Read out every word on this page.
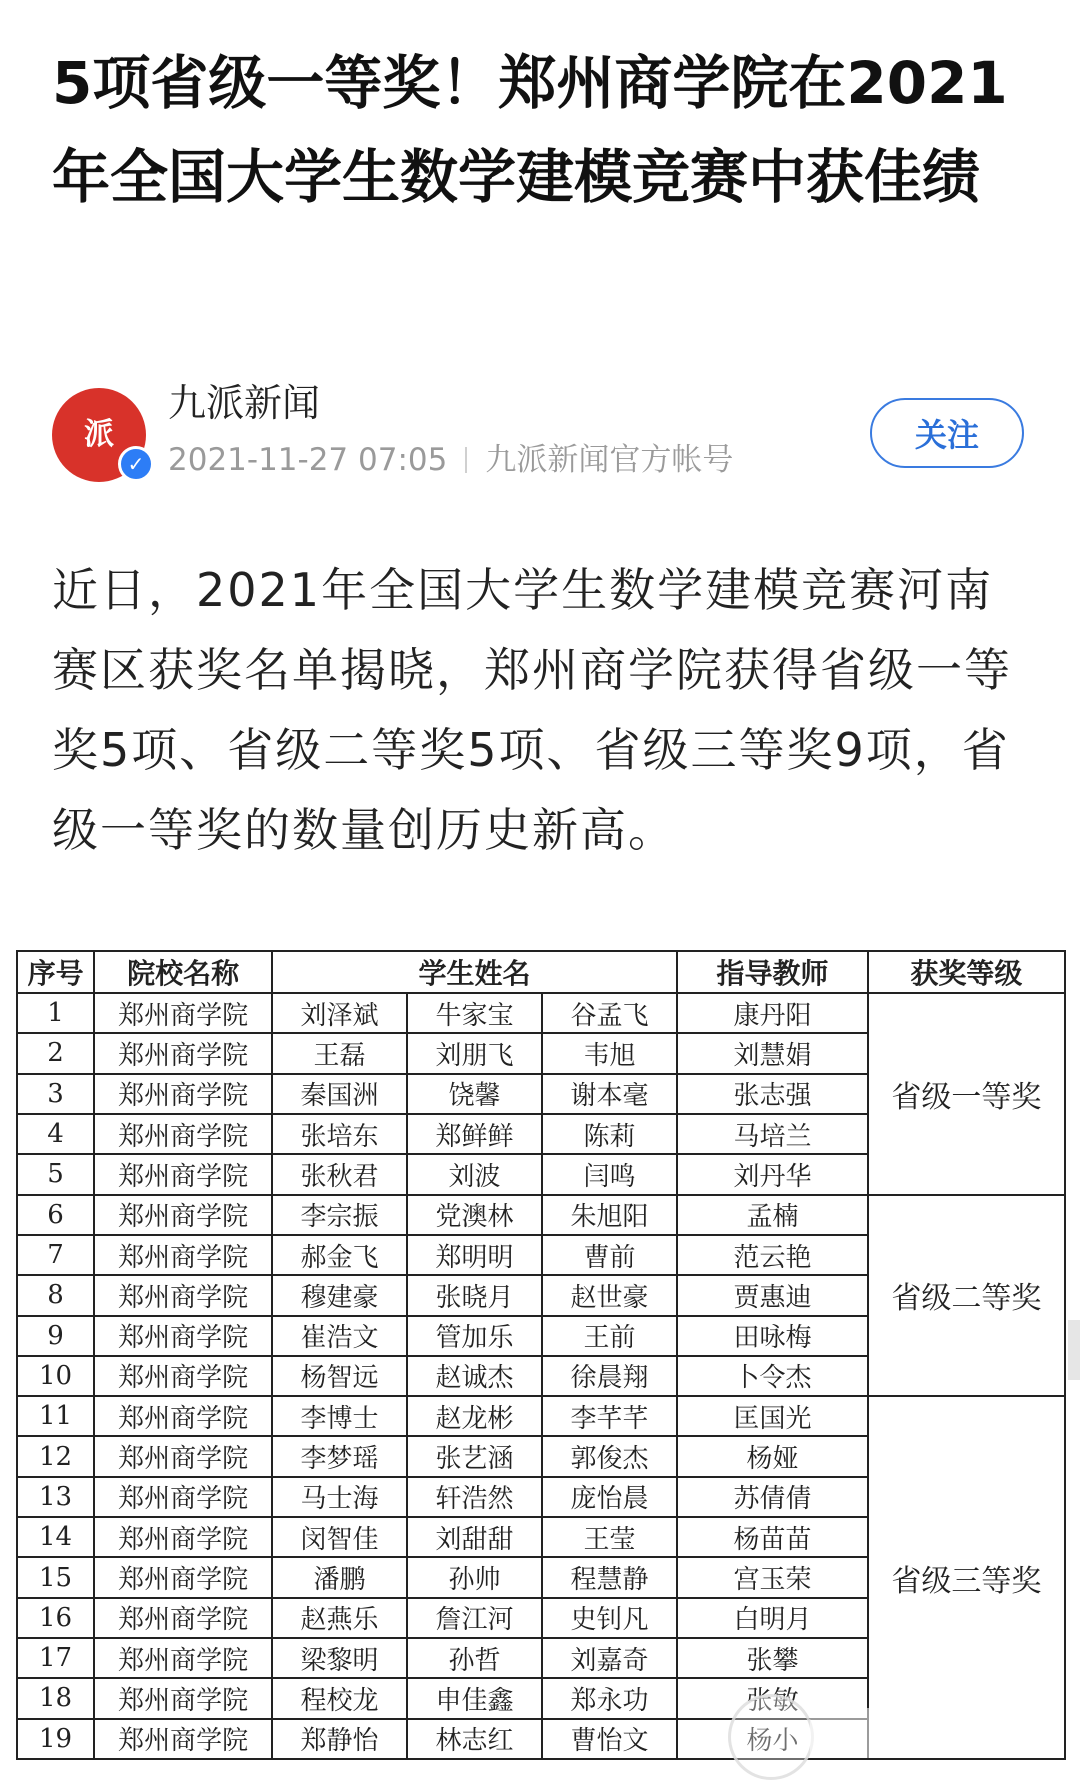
5项省级一等奖！郑州商学院在2021年全国大学生数学建模竞赛中获佳绩
派
✓
九派新闻
2021-11-27 07:05 九派新闻官方帐号
关注

近日，2021年全国大学生数学建模竞赛河南赛区获奖名单揭晓，郑州商学院获得省级一等奖5项、省级二等奖5项、省级三等奖9项，省级一等奖的数量创历史新高。

序号	院校名称	学生姓名			指导教师	获奖等级
1	郑州商学院	刘泽斌	牛家宝	谷孟飞	康丹阳	省级一等奖
2	郑州商学院	王磊	刘朋飞	韦旭	刘慧娟	
3	郑州商学院	秦国洲	饶馨	谢本毫	张志强	
4	郑州商学院	张培东	郑鲜鲜	陈莉	马培兰	
5	郑州商学院	张秋君	刘波	闫鸣	刘丹华	
6	郑州商学院	李宗振	党澳林	朱旭阳	孟楠	省级二等奖
7	郑州商学院	郝金飞	郑明明	曹前	范云艳	
8	郑州商学院	穆建豪	张晓月	赵世豪	贾惠迪	
9	郑州商学院	崔浩文	管加乐	王前	田咏梅	
10	郑州商学院	杨智远	赵诚杰	徐晨翔	卜令杰	
11	郑州商学院	李博士	赵龙彬	李芊芊	匡国光	省级三等奖
12	郑州商学院	李梦瑶	张艺涵	郭俊杰	杨娅	
13	郑州商学院	马士海	轩浩然	庞怡晨	苏倩倩	
14	郑州商学院	闵智佳	刘甜甜	王莹	杨苗苗	
15	郑州商学院	潘鹏	孙帅	程慧静	宫玉荣	
16	郑州商学院	赵燕乐	詹江河	史钊凡	白明月	
17	郑州商学院	梁黎明	孙哲	刘嘉奇	张攀	
18	郑州商学院	程校龙	申佳鑫	郑永功	张敏	
19	郑州商学院	郑静怡	林志红	曹怡文	杨小	
